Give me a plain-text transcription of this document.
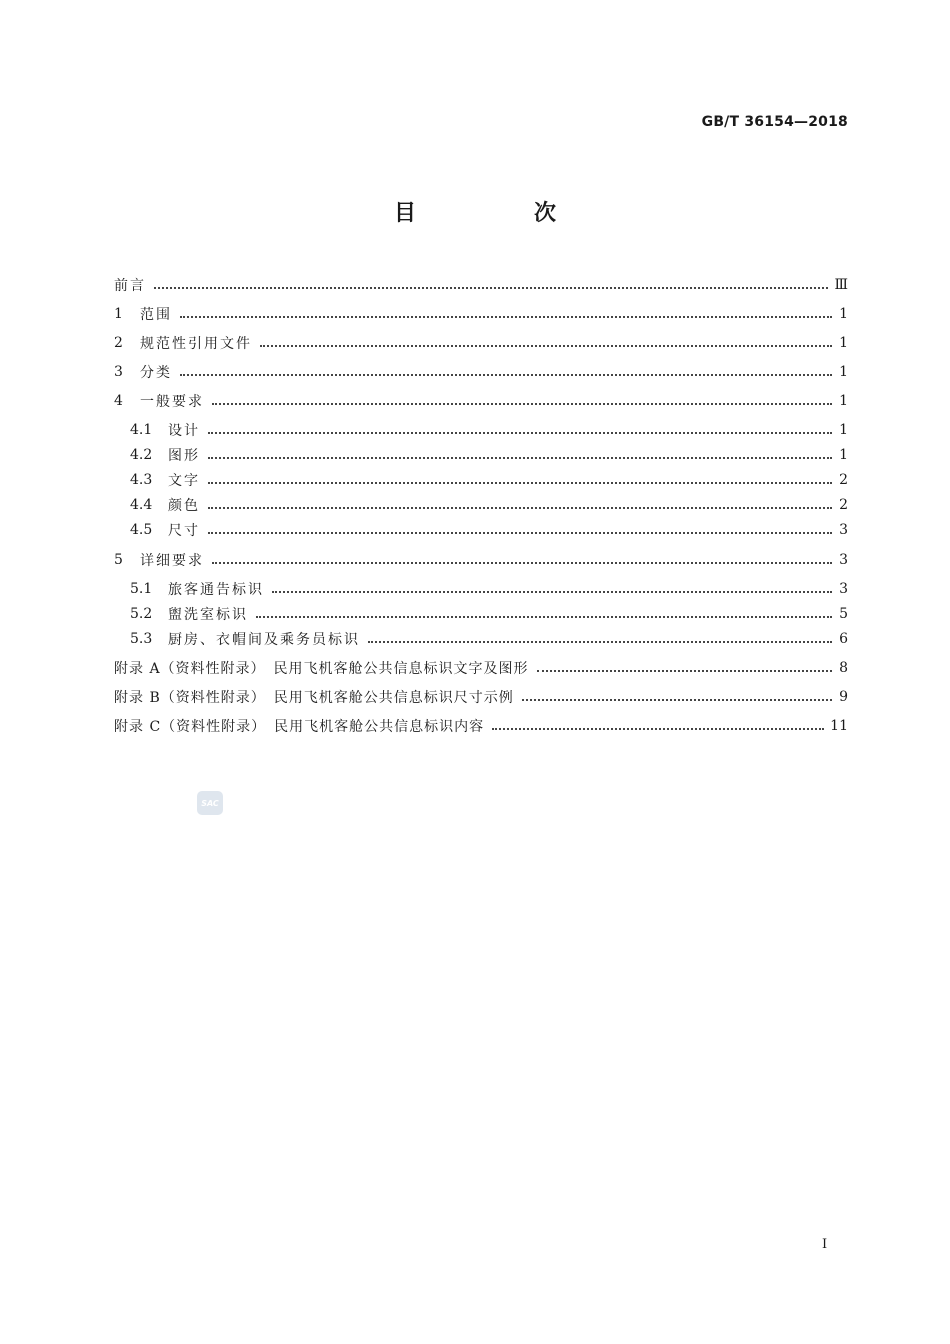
GB/T 36154—2018
目　次
前言	Ⅲ
1	范围	1
2	规范性引用文件	1
3	分类	1
4	一般要求	1
4.1	设计	1
4.2	图形	1
4.3	文字	2
4.4	颜色	2
4.5	尺寸	3
5	详细要求	3
5.1	旅客通告标识	3
5.2	盥洗室标识	5
5.3	厨房、衣帽间及乘务员标识	6
附录 A（资料性附录）　民用飞机客舱公共信息标识文字及图形	8
附录 B（资料性附录）　民用飞机客舱公共信息标识尺寸示例	9
附录 C（资料性附录）　民用飞机客舱公共信息标识内容	11
SAC
I
